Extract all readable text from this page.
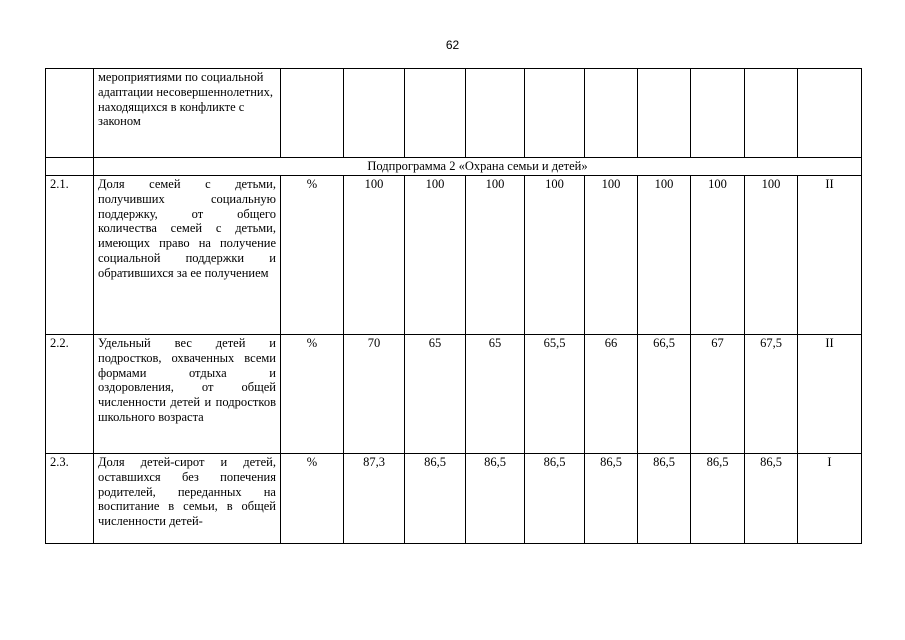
62
	мероприятиями по социальной адаптации несовершеннолетних, находящихся в конфликте с законом										
	Подпрограмма 2 «Охрана семьи и детей»										
2.1.	Доля семей с детьми, получивших социальную поддержку, от общего количества семей с детьми, имеющих право на получение социальной поддержки и обратившихся за ее получением	%	100	100	100	100	100	100	100	100	II
2.2.	Удельный вес детей и подростков, охваченных всеми формами отдыха и оздоровления, от общей численности детей и подростков школьного возраста	%	70	65	65	65,5	66	66,5	67	67,5	II
2.3.	Доля детей-сирот и детей, оставшихся без попечения родителей, переданных на воспитание в семьи, в общей численности детей-	%	87,3	86,5	86,5	86,5	86,5	86,5	86,5	86,5	I
